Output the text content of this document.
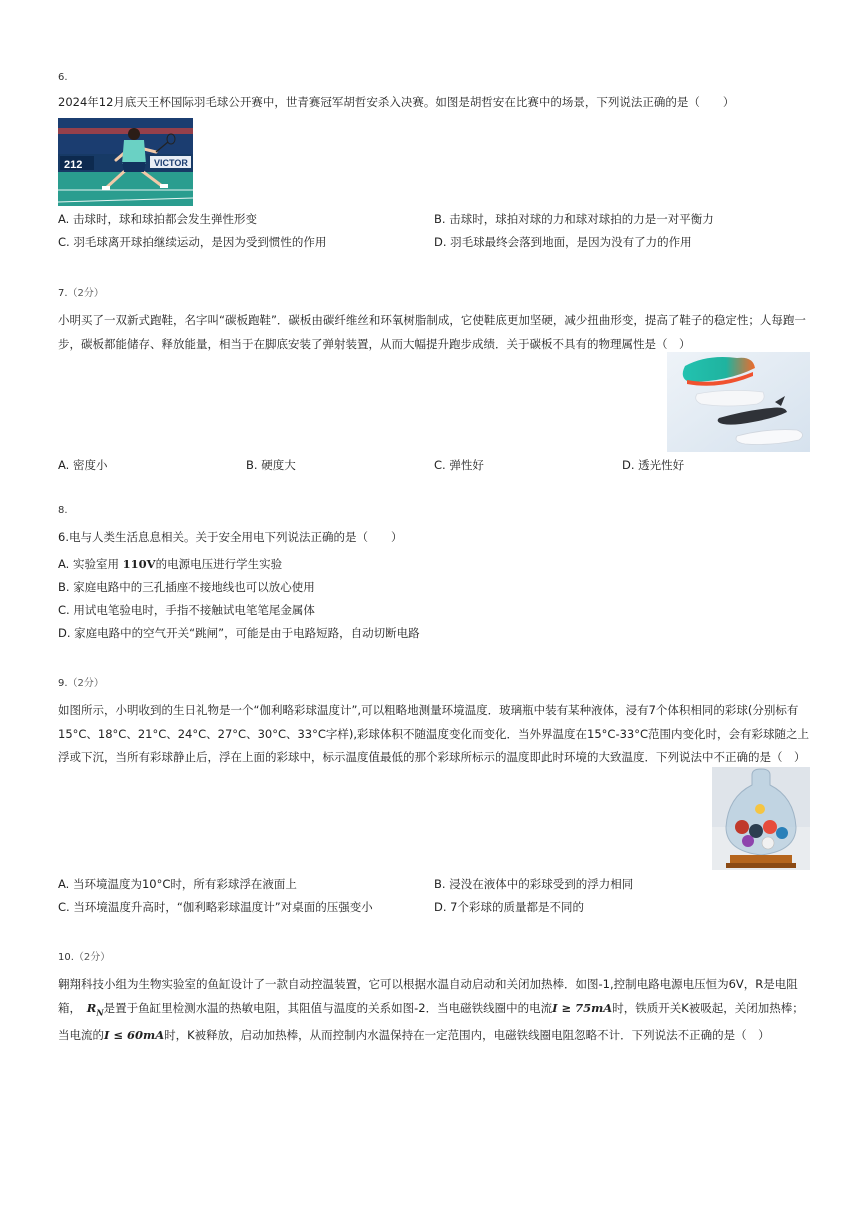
6.
2024年12月底天王杯国际羽毛球公开赛中，世青赛冠军胡哲安杀入决赛。如图是胡哲安在比赛中的场景，下列说法正确的是（　　）
212	VICTOR
A. 击球时，球和球拍都会发生弹性形变	B. 击球时，球拍对球的力和球对球拍的力是一对平衡力
C. 羽毛球离开球拍继续运动，是因为受到惯性的作用	D. 羽毛球最终会落到地面，是因为没有了力的作用
7.（2分）
小明买了一双新式跑鞋，名字叫“碳板跑鞋”．碳板由碳纤维丝和环氧树脂制成，它使鞋底更加坚硬，减少扭曲形变，提高了鞋子的稳定性；人每跑一步，碳板都能储存、释放能量，相当于在脚底安装了弹射装置，从而大幅提升跑步成绩．关于碳板不具有的物理属性是（　）
A. 密度小	B. 硬度大	C. 弹性好	D. 透光性好
8.
6.电与人类生活息息相关。关于安全用电下列说法正确的是（　　）
A. 实验室用 110V的电源电压进行学生实验
B. 家庭电路中的三孔插座不接地线也可以放心使用
C. 用试电笔验电时，手指不接触试电笔笔尾金属体
D. 家庭电路中的空气开关“跳闸”，可能是由于电路短路，自动切断电路
9.（2分）
如图所示，小明收到的生日礼物是一个“伽利略彩球温度计”,可以粗略地测量环境温度．玻璃瓶中装有某种液体，浸有7个体积相同的彩球(分别标有15°C、18°C、21°C、24°C、27°C、30°C、33°C字样),彩球体积不随温度变化而变化．当外界温度在15°C-33°C范围内变化时，会有彩球随之上浮或下沉，当所有彩球静止后，浮在上面的彩球中，标示温度值最低的那个彩球所标示的温度即此时环境的大致温度．下列说法中不正确的是（　）
A. 当环境温度为10°C时，所有彩球浮在液面上	B. 浸没在液体中的彩球受到的浮力相同
C. 当环境温度升高时，“伽利略彩球温度计”对桌面的压强变小	D. 7个彩球的质量都是不同的
10.（2分）
翱翔科技小组为生物实验室的鱼缸设计了一款自动控温装置，它可以根据水温自动启动和关闭加热棒．如图-1,控制电路电源电压恒为6V，R是电阻箱，　$R_N$是置于鱼缸里检测水温的热敏电阻，其阻值与温度的关系如图-2．当电磁铁线圈中的电流I ≥ 75mA时，铁质开关K被吸起，关闭加热棒；当电流的I ≤ 60mA时，K被释放，启动加热棒，从而控制内水温保持在一定范围内，电磁铁线圈电阻忽略不计．下列说法不正确的是（　）
